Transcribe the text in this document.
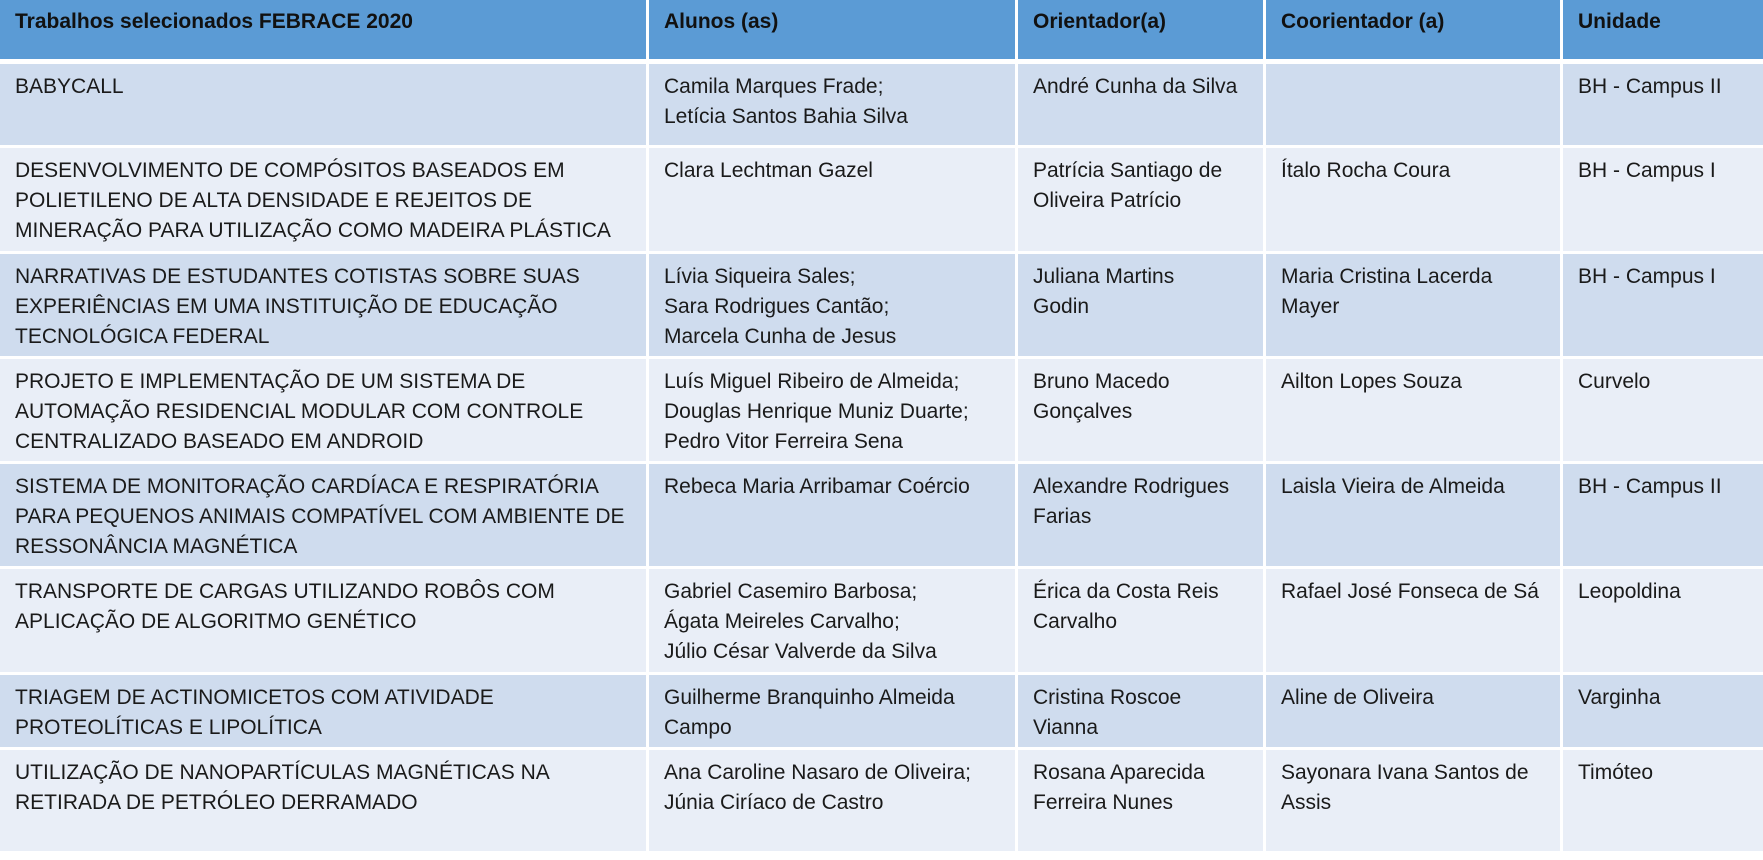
Trabalhos selecionados FEBRACE 2020	Alunos (as)	Orientador(a)	Coorientador (a)	Unidade

BABYCALL	Camila Marques Frade;
Letícia Santos Bahia Silva	André Cunha da Silva		BH - Campus II

DESENVOLVIMENTO DE COMPÓSITOS BASEADOS EM
POLIETILENO DE ALTA DENSIDADE E REJEITOS DE
MINERAÇÃO PARA UTILIZAÇÃO COMO MADEIRA PLÁSTICA	Clara Lechtman Gazel	Patrícia Santiago de
Oliveira Patrício	Ítalo Rocha Coura	BH - Campus I

NARRATIVAS DE ESTUDANTES COTISTAS SOBRE SUAS
EXPERIÊNCIAS EM UMA INSTITUIÇÃO DE EDUCAÇÃO
TECNOLÓGICA FEDERAL	Lívia Siqueira Sales;
Sara Rodrigues Cantão;
Marcela Cunha de Jesus	Juliana Martins
Godin	Maria Cristina Lacerda
Mayer	BH - Campus I

PROJETO E IMPLEMENTAÇÃO DE UM SISTEMA DE
AUTOMAÇÃO RESIDENCIAL MODULAR COM CONTROLE
CENTRALIZADO BASEADO EM ANDROID	Luís Miguel Ribeiro de Almeida;
Douglas Henrique Muniz Duarte;
Pedro Vitor Ferreira Sena	Bruno Macedo
Gonçalves	Ailton Lopes Souza	Curvelo

SISTEMA DE MONITORAÇÃO CARDÍACA E RESPIRATÓRIA
PARA PEQUENOS ANIMAIS COMPATÍVEL COM AMBIENTE DE
RESSONÂNCIA MAGNÉTICA	Rebeca Maria Arribamar Coércio	Alexandre Rodrigues
Farias	Laisla Vieira de Almeida	BH - Campus II

TRANSPORTE DE CARGAS UTILIZANDO ROBÔS COM
APLICAÇÃO DE ALGORITMO GENÉTICO	Gabriel Casemiro Barbosa;
Ágata Meireles Carvalho;
Júlio César Valverde da Silva	Érica da Costa Reis
Carvalho	Rafael José Fonseca de Sá	Leopoldina

TRIAGEM DE ACTINOMICETOS COM ATIVIDADE
PROTEOLÍTICAS E LIPOLÍTICA	Guilherme Branquinho Almeida
Campo	Cristina Roscoe
Vianna	Aline de Oliveira	Varginha

UTILIZAÇÃO DE NANOPARTÍCULAS MAGNÉTICAS NA
RETIRADA DE PETRÓLEO DERRAMADO	Ana Caroline Nasaro de Oliveira;
Júnia Ciríaco de Castro	Rosana Aparecida
Ferreira Nunes	Sayonara Ivana Santos de
Assis	Timóteo
